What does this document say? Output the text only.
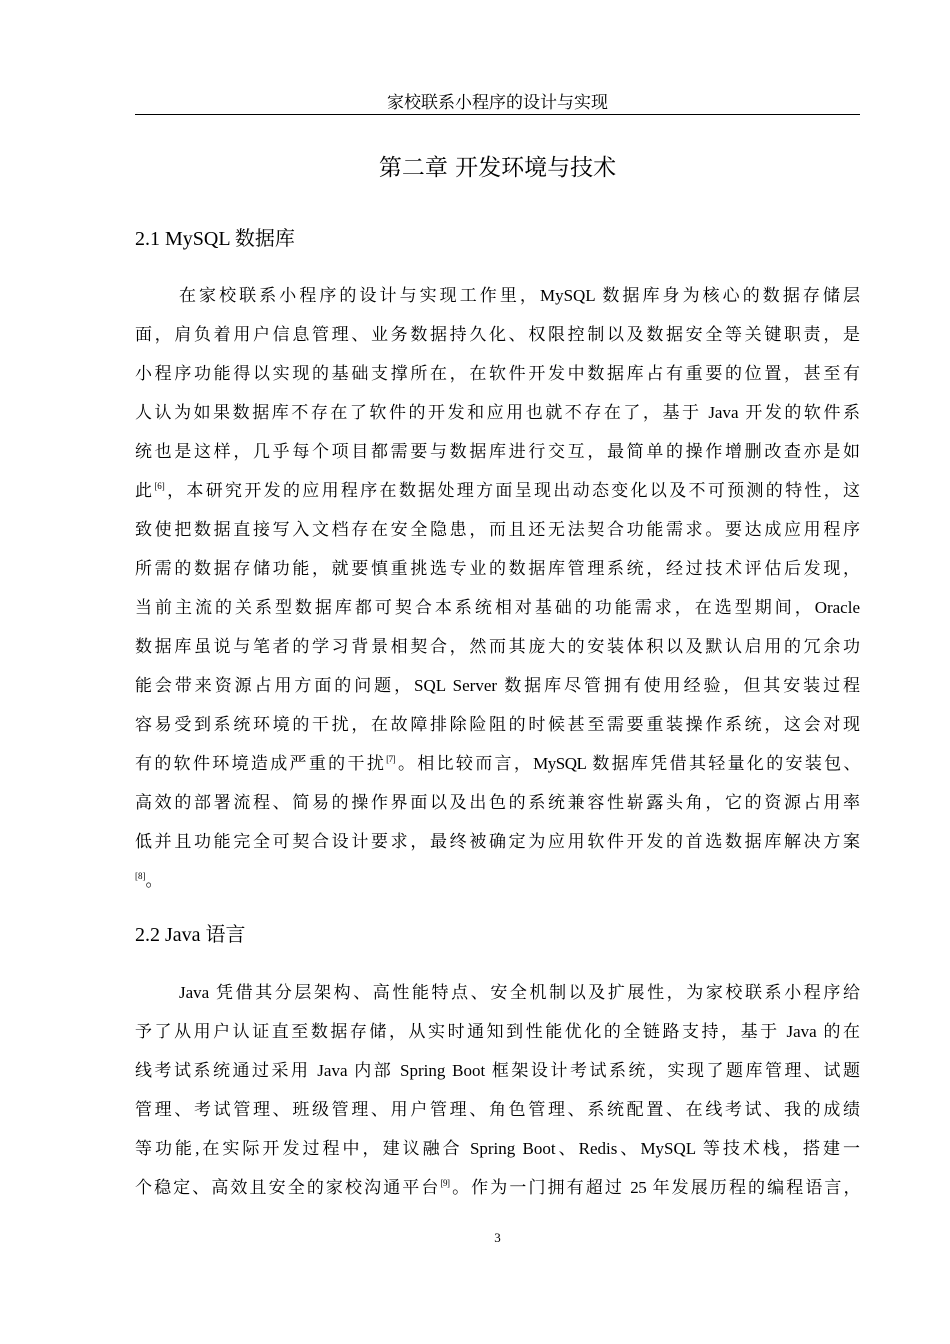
家校联系小程序的设计与实现
第二章 开发环境与技术
2.1 MySQL 数据库
在家校联系小程序的设计与实现工作里，MySQL 数据库身为核心的数据存储层
面，肩负着用户信息管理、业务数据持久化、权限控制以及数据安全等关键职责，是
小程序功能得以实现的基础支撑所在，在软件开发中数据库占有重要的位置，甚至有
人认为如果数据库不存在了软件的开发和应用也就不存在了，基于 Java 开发的软件系
统也是这样，几乎每个项目都需要与数据库进行交互，最简单的操作增删改查亦是如
此[6]，本研究开发的应用程序在数据处理方面呈现出动态变化以及不可预测的特性，这
致使把数据直接写入文档存在安全隐患，而且还无法契合功能需求。要达成应用程序
所需的数据存储功能，就要慎重挑选专业的数据库管理系统，经过技术评估后发现，
当前主流的关系型数据库都可契合本系统相对基础的功能需求，在选型期间，Oracle
数据库虽说与笔者的学习背景相契合，然而其庞大的安装体积以及默认启用的冗余功
能会带来资源占用方面的问题，SQL Server 数据库尽管拥有使用经验，但其安装过程
容易受到系统环境的干扰，在故障排除险阻的时候甚至需要重装操作系统，这会对现
有的软件环境造成严重的干扰[7]。相比较而言，MySQL 数据库凭借其轻量化的安装包、
高效的部署流程、简易的操作界面以及出色的系统兼容性崭露头角，它的资源占用率
低并且功能完全可契合设计要求，最终被确定为应用软件开发的首选数据库解决方案
[8]。
2.2 Java 语言
Java 凭借其分层架构、高性能特点、安全机制以及扩展性，为家校联系小程序给
予了从用户认证直至数据存储，从实时通知到性能优化的全链路支持，基于 Java 的在
线考试系统通过采用 Java 内部 Spring Boot 框架设计考试系统，实现了题库管理、试题
管理、考试管理、班级管理、用户管理、角色管理、系统配置、在线考试、我的成绩
等功能,在实际开发过程中，建议融合 Spring Boot、Redis、MySQL 等技术栈，搭建一
个稳定、高效且安全的家校沟通平台[9]。作为一门拥有超过 25 年发展历程的编程语言，
3
